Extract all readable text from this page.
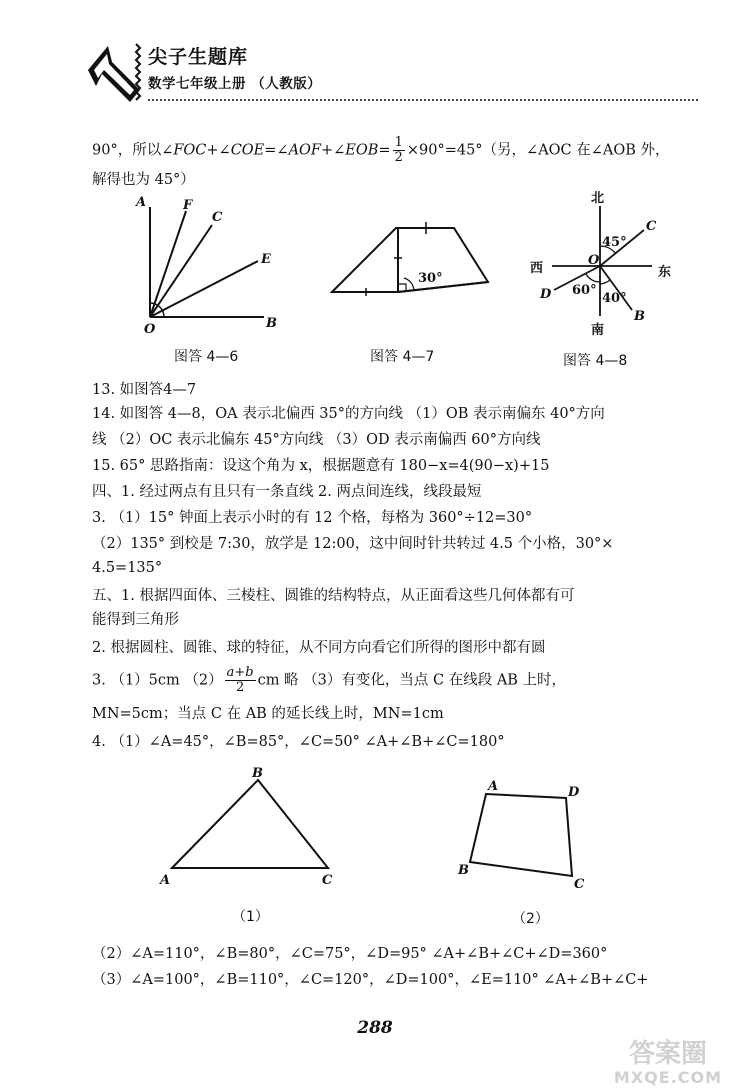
尖子生题库
数学七年级上册 （人教版）
90°，所以∠FOC+∠COE=∠AOF+∠EOB= $\frac{1}{2} \times 90^\circ=45^\circ$（另，∠AOC 在∠AOB 外，
解得也为 45°）
A	F
C
E
O	B
图答 4—6
30°
图答 4—7
北
南
西	东
O
C
D
B
45°
60°
40°
图答 4—8
13. 如图答4—7
14. 如图答 4—8，OA 表示北偏西 35°的方向线 （1）OB 表示南偏东 40°方向
线 （2）OC 表示北偏东 45°方向线 （3）OD 表示南偏西 60°方向线
15. 65° 思路指南：设这个角为 x，根据题意有 180−x=4(90−x)+15
四、1. 经过两点有且只有一条直线 2. 两点间连线，线段最短
3. （1）15° 钟面上表示小时的有 12 个格，每格为 360°÷12=30°
（2）135° 到校是 7:30，放学是 12:00，这中间时针共转过 4.5 个小格，30°×
4.5=135°
五、1. 根据四面体、三棱柱、圆锥的结构特点，从正面看这些几何体都有可
能得到三角形
2. 根据圆柱、圆锥、球的特征，从不同方向看它们所得的图形中都有圆
3. （1）5cm $(2) \frac{a+b}{2}$ cm 略 （3）有变化，当点 C 在线段 AB 上时，
MN=5cm；当点 C 在 AB 的延长线上时，MN=1cm
4. （1）∠A=45°，∠B=85°，∠C=50° ∠A+∠B+∠C=180°
B
A	C
（1）
A	D
B
C
（2）
（2）∠A=110°，∠B=80°，∠C=75°，∠D=95° ∠A+∠B+∠C+∠D=360°
（3）∠A=100°，∠B=110°，∠C=120°，∠D=100°，∠E=110° ∠A+∠B+∠C+
288
答案圈
MXQE.COM
